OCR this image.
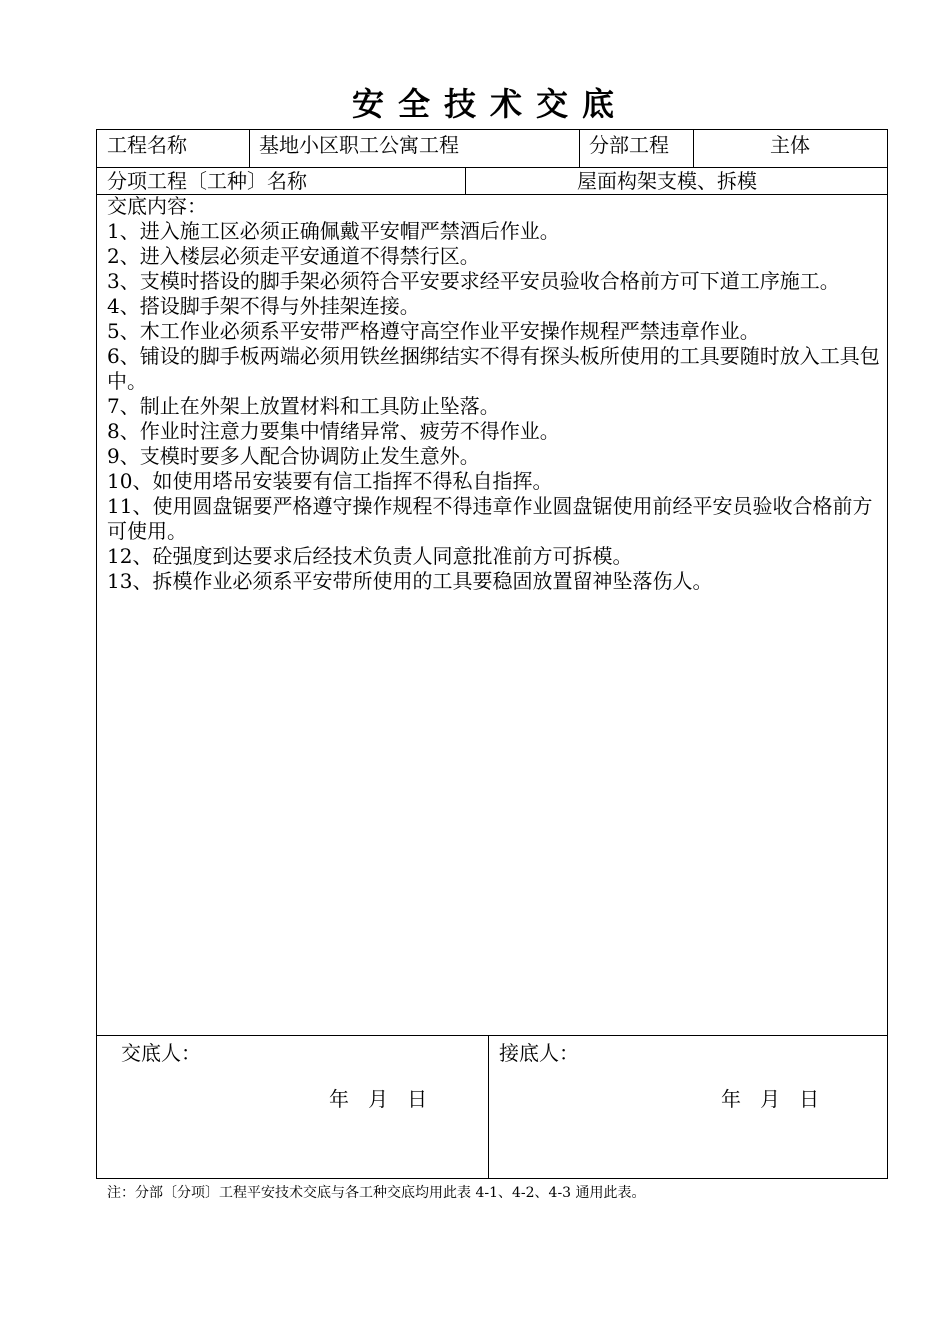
安全技术交底
工程名称	基地小区职工公寓工程	分部工程	主体
分项工程〔工种〕名称	屋面构架支模、拆模
交底内容：
1、进入施工区必须正确佩戴平安帽严禁酒后作业。
2、进入楼层必须走平安通道不得禁行区。
3、支模时搭设的脚手架必须符合平安要求经平安员验收合格前方可下道工序施工。
4、搭设脚手架不得与外挂架连接。
5、木工作业必须系平安带严格遵守高空作业平安操作规程严禁违章作业。
6、铺设的脚手板两端必须用铁丝捆绑结实不得有探头板所使用的工具要随时放入工具包中。
7、制止在外架上放置材料和工具防止坠落。
8、作业时注意力要集中情绪异常、疲劳不得作业。
9、支模时要多人配合协调防止发生意外。
10、如使用塔吊安装要有信工指挥不得私自指挥。
11、使用圆盘锯要严格遵守操作规程不得违章作业圆盘锯使用前经平安员验收合格前方可使用。
12、砼强度到达要求后经技术负责人同意批准前方可拆模。
13、拆模作业必须系平安带所使用的工具要稳固放置留神坠落伤人。
交底人：
年   月   日
接底人：
年   月   日
注：分部〔分项〕工程平安技术交底与各工种交底均用此表 4-1、4-2、4-3 通用此表。
